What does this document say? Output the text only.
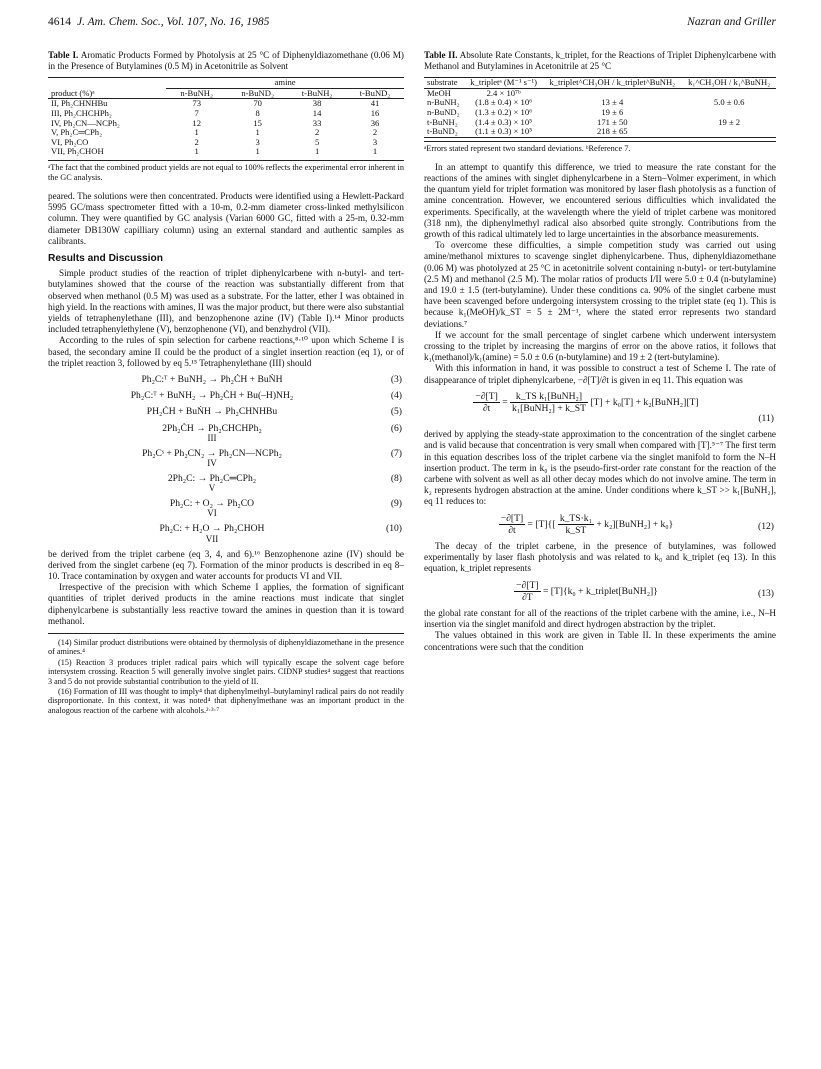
4614 J. Am. Chem. Soc., Vol. 107, No. 16, 1985	Nazran and Griller
Table I. Aromatic Products Formed by Photolysis at 25 °C of Diphenyldiazomethane (0.06 M) in the Presence of Butylamines (0.5 M) in Acetonitrile as Solvent
	amine			
product (%)ᵃ	n-BuNH₂	n-BuND₂	t-BuNH₂	t-BuND₂
II, Ph₂CHNHBu	73	70	38	41
III, Ph₂CHCHPh₂	7	8	14	16
IV, Ph₂CN—NCPh₂	12	15	33	36
V, Ph₂C═CPh₂	1	1	2	2
VI, Ph₂CO	2	3	5	3
VII, Ph₂CHOH	1	1	1	1
ᵃThe fact that the combined product yields are not equal to 100% reflects the experimental error inherent in the GC analysis.

peared. The solutions were then concentrated. Products were identified using a Hewlett-Packard 5995 GC/mass spectrometer fitted with a 10-m, 0.2-mm diameter cross-linked methylsilicon column. They were quantified by GC analysis (Varian 6000 GC, fitted with a 25-m, 0.32-mm diameter DB130W capilliary column) using an external standard and authentic samples as calibrants.

Results and Discussion

Simple product studies of the reaction of triplet diphenylcarbene with n-butyl- and tert-butylamines showed that the course of the reaction was substantially different from that observed when methanol (0.5 M) was used as a substrate. For the latter, ether I was obtained in high yield. In the reactions with amines, II was the major product, but there were also substantial yields of tetraphenylethane (III), and benzophenone azine (IV) (Table I).¹⁴ Minor products included tetraphenylethylene (V), benzophenone (VI), and benzhydrol (VII).

According to the rules of spin selection for carbene reactions,⁸·¹⁰ upon which Scheme I is based, the secondary amine II could be the product of a singlet insertion reaction (eq 1), or of the triplet reaction 3, followed by eq 5.¹⁵ Tetraphenylethane (III) should

Ph₂C:ᵀ + BuNH₂ → Ph₂ĊH + BuṄH	(3)
Ph₂C:ᵀ + BuNH₂ → Ph₂ĊH + Bu(–H)NH₂	(4)
PH₂ĊH + BuṄH → Ph₂CHNHBu	(5)
2Ph₂ĊH → Ph₂CHCHPh₂	(6)
III
Ph₂Cˢ + Ph₂CN₂ → Ph₂CN—NCPh₂	(7)
IV
2Ph₂C: → Ph₂C═CPh₂	(8)
V
Ph₂C: + O₂ → Ph₂CO	(9)
VI
Ph₂C: + H₂O → Ph₂CHOH	(10)
VII

be derived from the triplet carbene (eq 3, 4, and 6).¹⁶ Benzophenone azine (IV) should be derived from the singlet carbene (eq 7). Formation of the minor products is described in eq 8–10. Trace contamination by oxygen and water accounts for products VI and VII.

Irrespective of the precision with which Scheme I applies, the formation of significant quantities of triplet derived products in the amine reactions must indicate that singlet diphenylcarbene is substantially less reactive toward the amines in question than it is toward methanol.

(14) Similar product distributions were obtained by thermolysis of diphenyldiazomethane in the presence of amines.⁴

(15) Reaction 3 produces triplet radical pairs which will typically escape the solvent cage before intersystem crossing. Reaction 5 will generally involve singlet pairs. CIDNP studies⁴ suggest that reactions 3 and 5 do not provide substantial contribution to the yield of II.

(16) Formation of III was thought to imply⁴ that diphenylmethyl–butylaminyl radical pairs do not readily disproportionate. In this context, it was noted⁴ that diphenylmethane was an important product in the analogous reaction of the carbene with alcohols.²·³·⁷

Table II. Absolute Rate Constants, k_triplet, for the Reactions of Triplet Diphenylcarbene with Methanol and Butylamines in Acetonitrile at 25 °C
substrate	k_tripletᵃ (M⁻¹ s⁻¹)	k_triplet^CH₃OH / k_triplet^BuNH₂	k₁^CH₃OH / k₁^BuNH₂
MeOH	2.4 × 10⁷ᵇ		
n-BuNH₂	(1.8 ± 0.4) × 10⁶	13 ± 4	5.0 ± 0.6
n-BuND₂	(1.3 ± 0.2) × 10⁶	19 ± 6	
t-BuNH₂	(1.4 ± 0.3) × 10⁵	171 ± 50	19 ± 2
t-BuND₂	(1.1 ± 0.3) × 10⁵	218 ± 65	
ᵃErrors stated represent two standard deviations. ᵇReference 7.

In an attempt to quantify this difference, we tried to measure the rate constant for the reactions of the amines with singlet diphenylcarbene in a Stern–Volmer experiment, in which the quantum yield for triplet formation was monitored by laser flash photolysis as a function of amine concentration. However, we encountered serious difficulties which invalidated the experiments. Specifically, at the wavelength where the yield of triplet carbene was monitored (318 nm), the diphenylmethyl radical also absorbed quite strongly. Contributions from the growth of this radical ultimately led to large uncertainties in the absorbance measurements.

To overcome these difficulties, a simple competition study was carried out using amine/methanol mixtures to scavenge singlet diphenylcarbene. Thus, diphenyldiazomethane (0.06 M) was photolyzed at 25 °C in acetonitrile solvent containing n-butyl- or tert-butylamine (2.5 M) and methanol (2.5 M). The molar ratios of products I/II were 5.0 ± 0.4 (n-butylamine) and 19.0 ± 1.5 (tert-butylamine). Under these conditions ca. 90% of the singlet carbene must have been scavenged before undergoing intersystem crossing to the triplet state (eq 1). This is because k₁(MeOH)/k_ST = 5 ± 2M⁻¹, where the stated error represents two standard deviations.⁷

If we account for the small percentage of singlet carbene which underwent intersystem crossing to the triplet by increasing the margins of error on the above ratios, it follows that k₁(methanol)/k₁(amine) = 5.0 ± 0.6 (n-butylamine) and 19 ± 2 (tert-butylamine).

With this information in hand, it was possible to construct a test of Scheme I. The rate of disappearance of triplet diphenylcarbene, −∂[T]/∂t is given in eq 11. This equation was

$\frac{-\partial[T]}{\partial t} = \frac{\text{k\_TS k₁[BuNH₂]}}{\text{k₁[BuNH₂] + k\_ST}} [T] + k_0[T]$ + k₂[BuNH₂][T]
(11)

derived by applying the steady-state approximation to the concentration of the singlet carbene and is valid because that concentration is very small when compared with [T].⁵⁻⁷ The first term in this equation describes loss of the triplet carbene via the singlet manifold to form the N–H insertion product. The term in k₀ is the pseudo-first-order rate constant for the reaction of the carbene with solvent as well as all other decay modes which do not involve amine. The term in k₂ represents hydrogen abstraction at the amine. Under conditions where k_ST >> k₁[BuNH₂], eq 11 reduces to:

$\frac{-\partial[T]}{\partial t} = [T]\{[ \frac{\text{k\_TS·k₁}}{k\_ST}$ + k₂][BuNH₂] + k₀}	(12)

The decay of the triplet carbene, in the presence of butylamines, was followed experimentally by laser flash photolysis and was related to k₀ and k_triplet (eq 13). In this equation, k_triplet represents

$\frac{-\partial[T]}{\partial T} = [T]\{k_0$ + k_triplet[BuNH₂]}	(13)

the global rate constant for all of the reactions of the triplet carbene with the amine, i.e., N–H insertion via the singlet manifold and direct hydrogen abstraction by the triplet.

The values obtained in this work are given in Table II. In these experiments the amine concentrations were such that the condition
